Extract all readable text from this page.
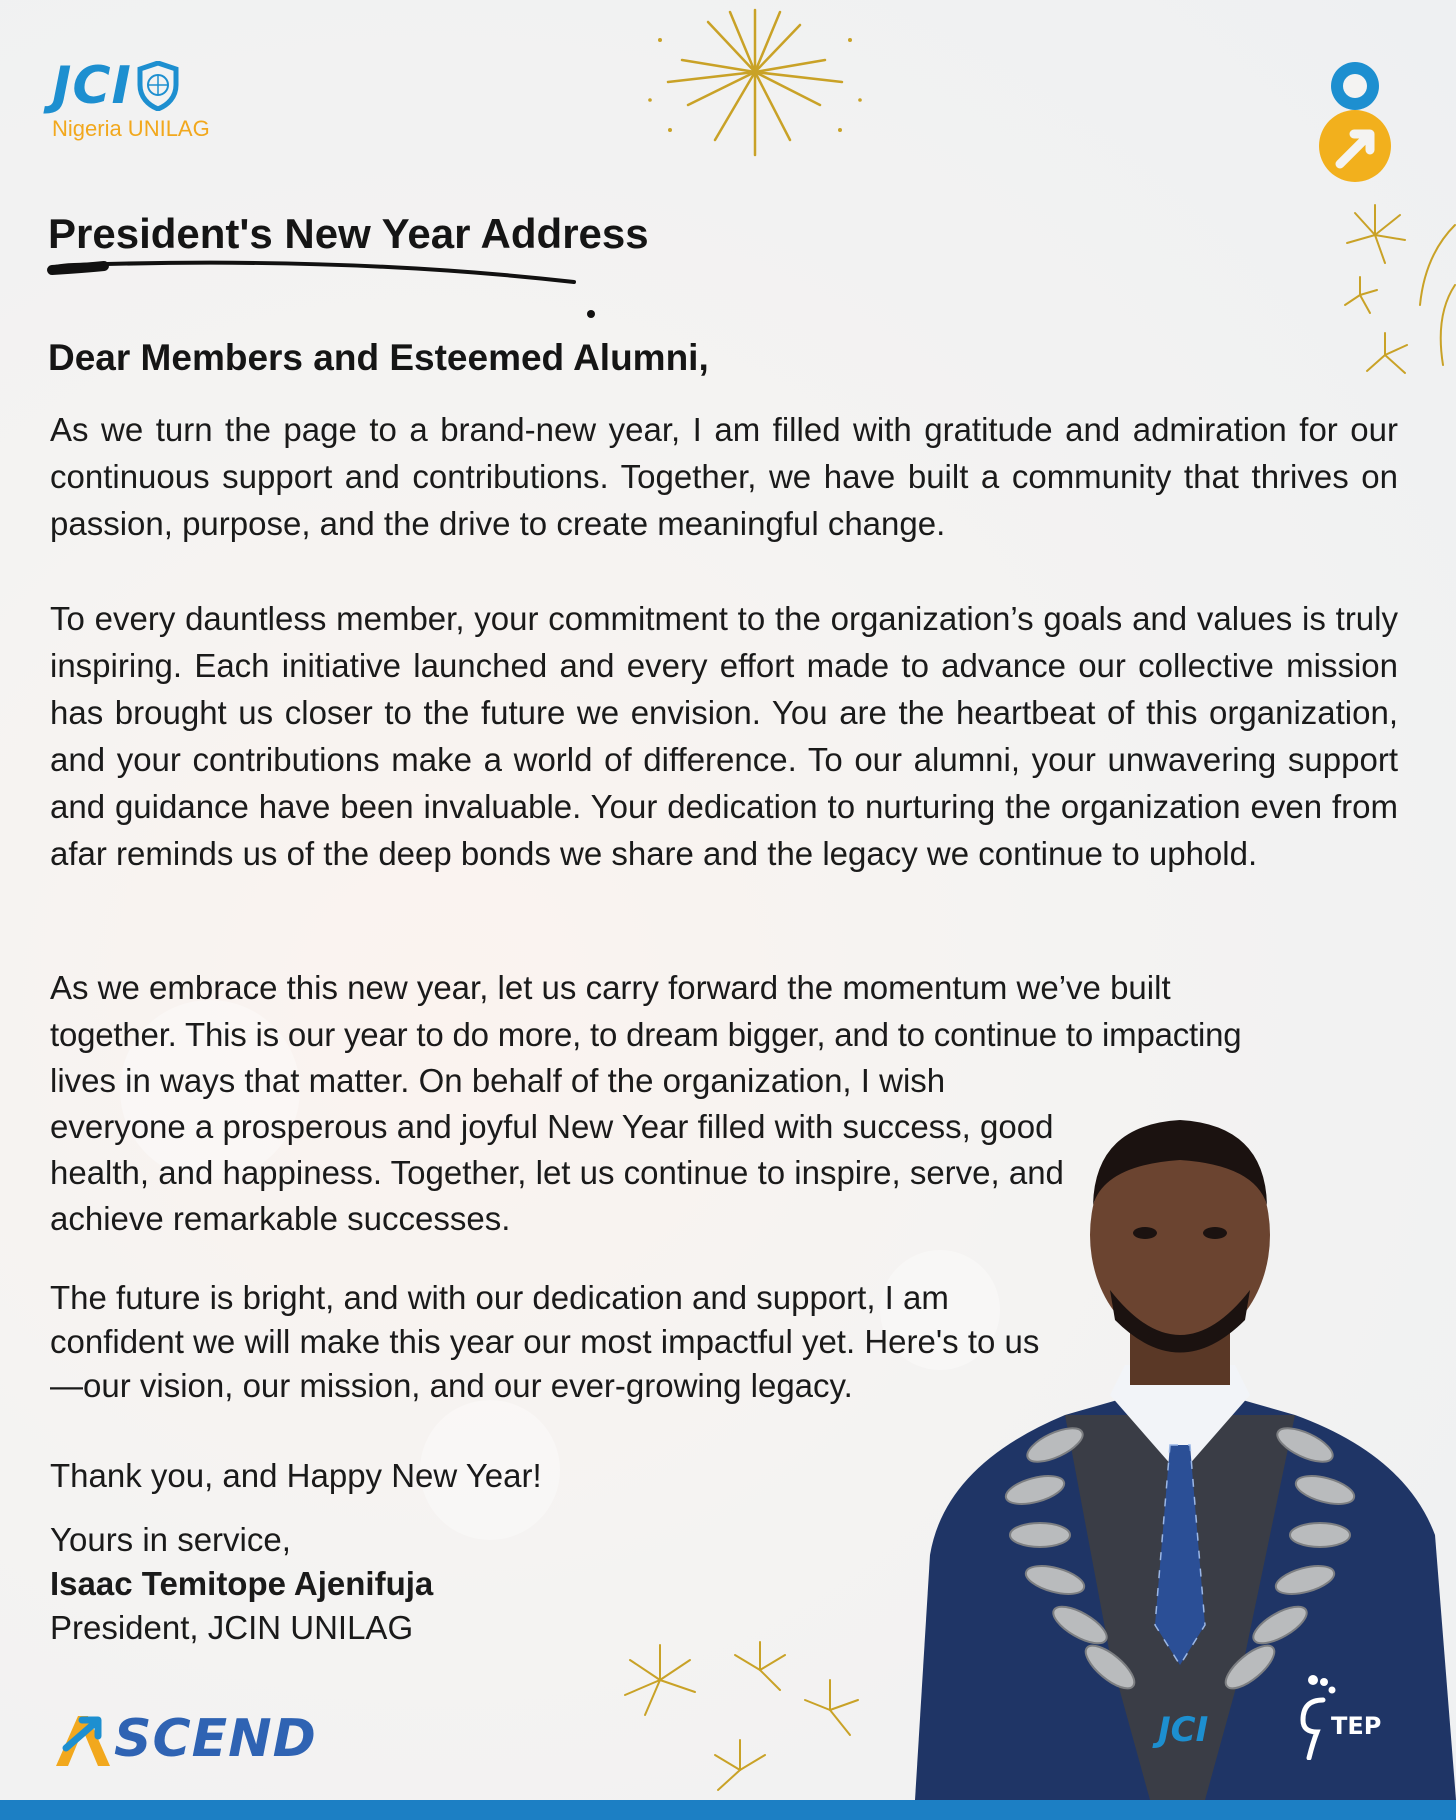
JCI
Nigeria UNILAG
President's New Year Address
Dear Members and Esteemed Alumni,

As we turn the page to a brand-new year, I am filled with gratitude and admiration for our continuous support and contributions. Together, we have built a community that thrives on passion, purpose, and the drive to create meaningful change.

To every dauntless member, your commitment to the organization’s goals and values is truly inspiring. Each initiative launched and every effort made to advance our collective mission has brought us closer to the future we envision. You are the heartbeat of this organization, and your contributions make a world of difference. To our alumni, your unwavering support and guidance have been invaluable. Your dedication to nurturing the organization even from afar reminds us of the deep bonds we share and the legacy we continue to uphold.

As we embrace this new year, let us carry forward the momentum we’ve built
together. This is our year to do more, to dream bigger, and to continue to impacting
lives in ways that matter. On behalf of the organization, I wish everyone a prosperous and joyful New Year filled with success, good health, and happiness. Together, let us continue to inspire, serve, and achieve remarkable successes.

The future is bright, and with our dedication and support, I am confident we will make this year our most impactful yet. Here's to us—our vision, our mission, and our ever-growing legacy.

Thank you, and Happy New Year!
Yours in service,
Isaac Temitope Ajenifuja
President, JCIN UNILAG
JCI	TEP
SCEND
